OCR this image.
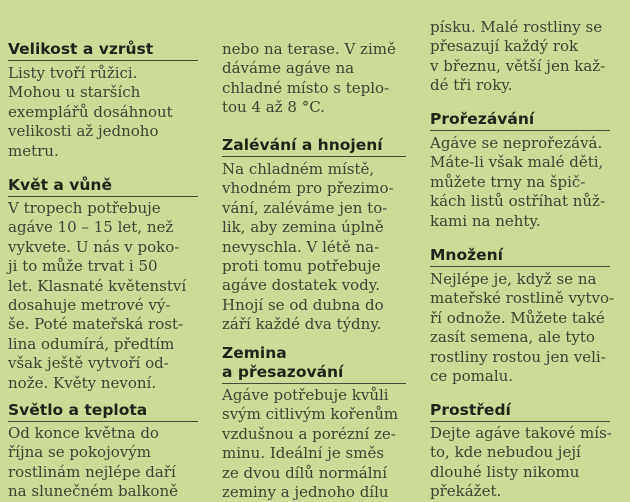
Velikost a vzrůst
Listy tvoří růžici.
Mohou u starších
exemplářů dosáhnout
velikosti až jednoho
metru.
Květ a vůně
V tropech potřebuje
agáve 10 – 15 let, než
vykvete. U nás v poko-
ji to může trvat i 50
let. Klasnaté květenství
dosahuje metrové vý-
še. Poté mateřská rost-
lina odumírá, předtím
však ještě vytvoří od-
nože. Květy nevoní.
Světlo a teplota
Od konce května do
října se pokojovým
rostlinám nejlépe daří
na slunečném balkoně
nebo na terase. V zimě
dáváme agáve na
chladné místo s teplo-
tou 4 až 8 °C.
Zalévání a hnojení
Na chladném místě,
vhodném pro přezimo-
vání, zaléváme jen to-
lik, aby zemina úplně
nevyschla. V létě na-
proti tomu potřebuje
agáve dostatek vody.
Hnojí se od dubna do
září každé dva týdny.
Zemina
a přesazování
Agáve potřebuje kvůli
svým citlivým kořenům
vzdušnou a porézní ze-
minu. Ideální je směs
ze dvou dílů normální
zeminy a jednoho dílu
písku. Malé rostliny se
přesazují každý rok
v březnu, větší jen kaž-
dé tři roky.
Prořezávání
Agáve se neprořezává.
Máte-li však malé děti,
můžete trny na špič-
kách listů ostříhat nůž-
kami na nehty.
Množení
Nejlépe je, když se na
mateřské rostlině vytvo-
ří odnože. Můžete také
zasít semena, ale tyto
rostliny rostou jen veli-
ce pomalu.
Prostředí
Dejte agáve takové mís-
to, kde nebudou její
dlouhé listy nikomu
překážet.
